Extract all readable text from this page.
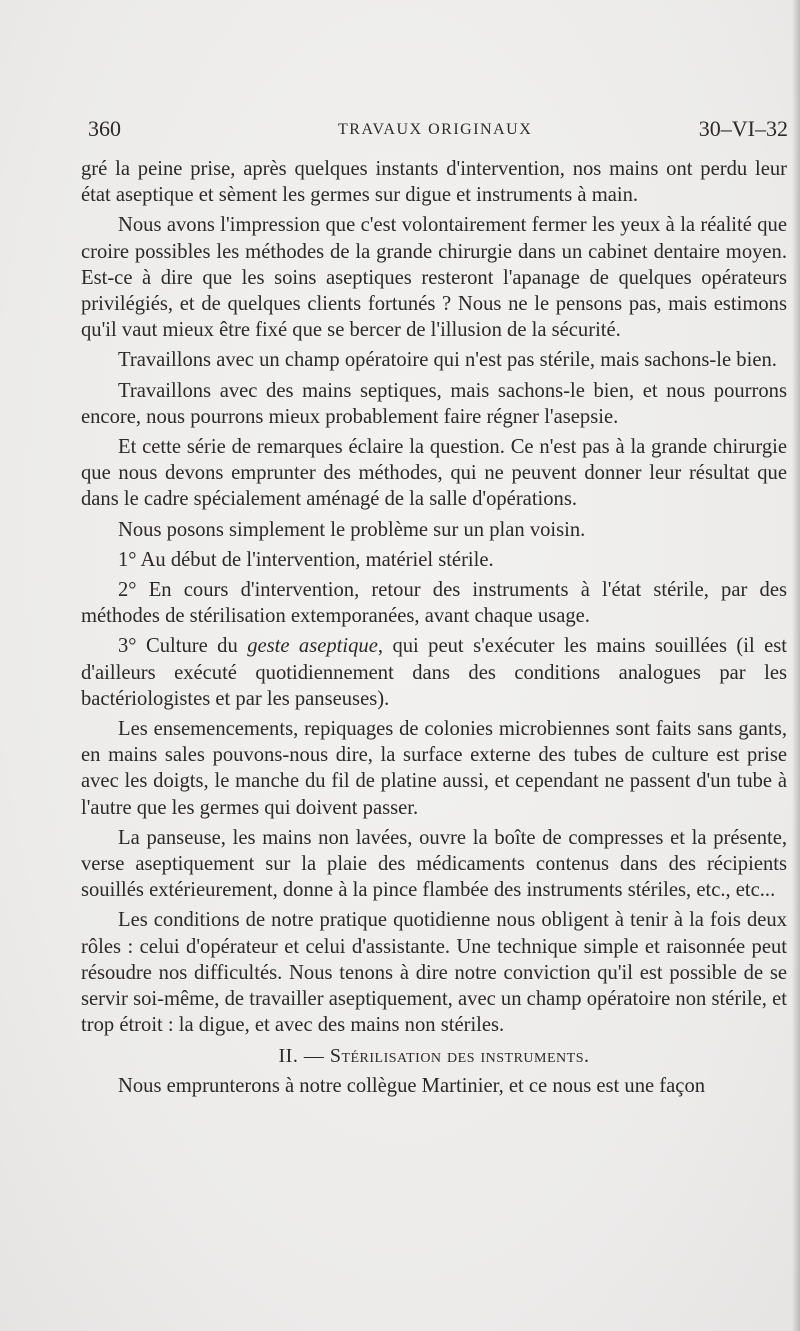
360	TRAVAUX ORIGINAUX	30–VI–32

gré la peine prise, après quelques instants d'intervention, nos mains ont perdu leur état aseptique et sèment les germes sur digue et instruments à main.

Nous avons l'impression que c'est volontairement fermer les yeux à la réalité que croire possibles les méthodes de la grande chirurgie dans un cabinet dentaire moyen. Est-ce à dire que les soins aseptiques resteront l'apanage de quelques opérateurs privilégiés, et de quelques clients fortunés ? Nous ne le pensons pas, mais estimons qu'il vaut mieux être fixé que se bercer de l'illusion de la sécurité.

Travaillons avec un champ opératoire qui n'est pas stérile, mais sachons-le bien.

Travaillons avec des mains septiques, mais sachons-le bien, et nous pourrons encore, nous pourrons mieux probablement faire régner l'asepsie.

Et cette série de remarques éclaire la question. Ce n'est pas à la grande chirurgie que nous devons emprunter des méthodes, qui ne peuvent donner leur résultat que dans le cadre spécialement aménagé de la salle d'opérations.

Nous posons simplement le problème sur un plan voisin.

1° Au début de l'intervention, matériel stérile.

2° En cours d'intervention, retour des instruments à l'état stérile, par des méthodes de stérilisation extemporanées, avant chaque usage.

3° Culture du geste aseptique, qui peut s'exécuter les mains souillées (il est d'ailleurs exécuté quotidiennement dans des conditions analogues par les bactériologistes et par les panseuses).

Les ensemencements, repiquages de colonies microbiennes sont faits sans gants, en mains sales pouvons-nous dire, la surface externe des tubes de culture est prise avec les doigts, le manche du fil de platine aussi, et cependant ne passent d'un tube à l'autre que les germes qui doivent passer.

La panseuse, les mains non lavées, ouvre la boîte de compresses et la présente, verse aseptiquement sur la plaie des médicaments contenus dans des récipients souillés extérieurement, donne à la pince flambée des instruments stériles, etc., etc...

Les conditions de notre pratique quotidienne nous obligent à tenir à la fois deux rôles : celui d'opérateur et celui d'assistante. Une technique simple et raisonnée peut résoudre nos difficultés. Nous tenons à dire notre conviction qu'il est possible de se servir soi-même, de travailler aseptiquement, avec un champ opératoire non stérile, et trop étroit : la digue, et avec des mains non stériles.

II. — Stérilisation des instruments.

Nous emprunterons à notre collègue Martinier, et ce nous est une façon
